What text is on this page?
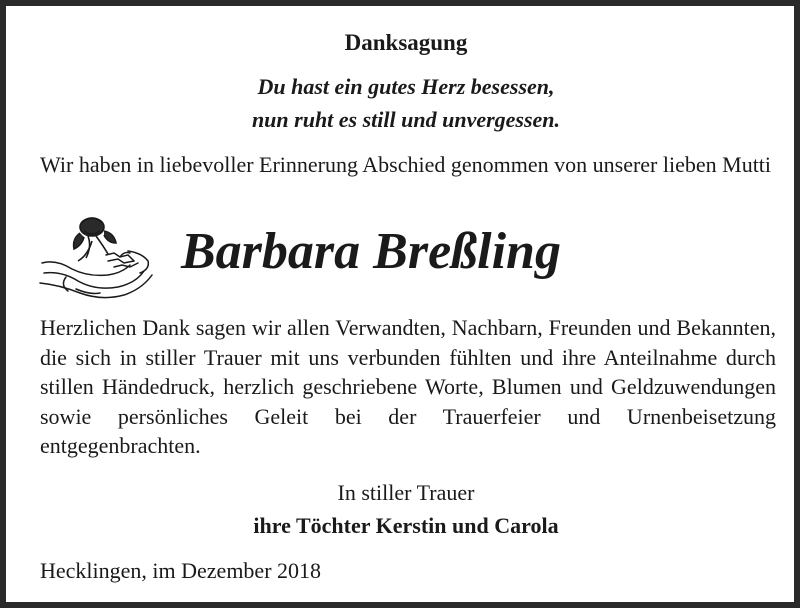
Danksagung
Du hast ein gutes Herz besessen,
nun ruht es still und unvergessen.
Wir haben in liebevoller Erinnerung Abschied genommen von unserer lieben Mutti
Barbara Breßling
Herzlichen Dank sagen wir allen Verwandten, Nachbarn, Freunden und Bekannten, die sich in stiller Trauer mit uns verbunden fühlten und ihre Anteilnahme durch stillen Händedruck, herzlich geschriebene Worte, Blumen und Geldzuwendungen sowie persönliches Geleit bei der Trauerfeier und Urnenbeisetzung entgegenbrachten.
In stiller Trauer
ihre Töchter Kerstin und Carola
Hecklingen, im Dezember 2018
